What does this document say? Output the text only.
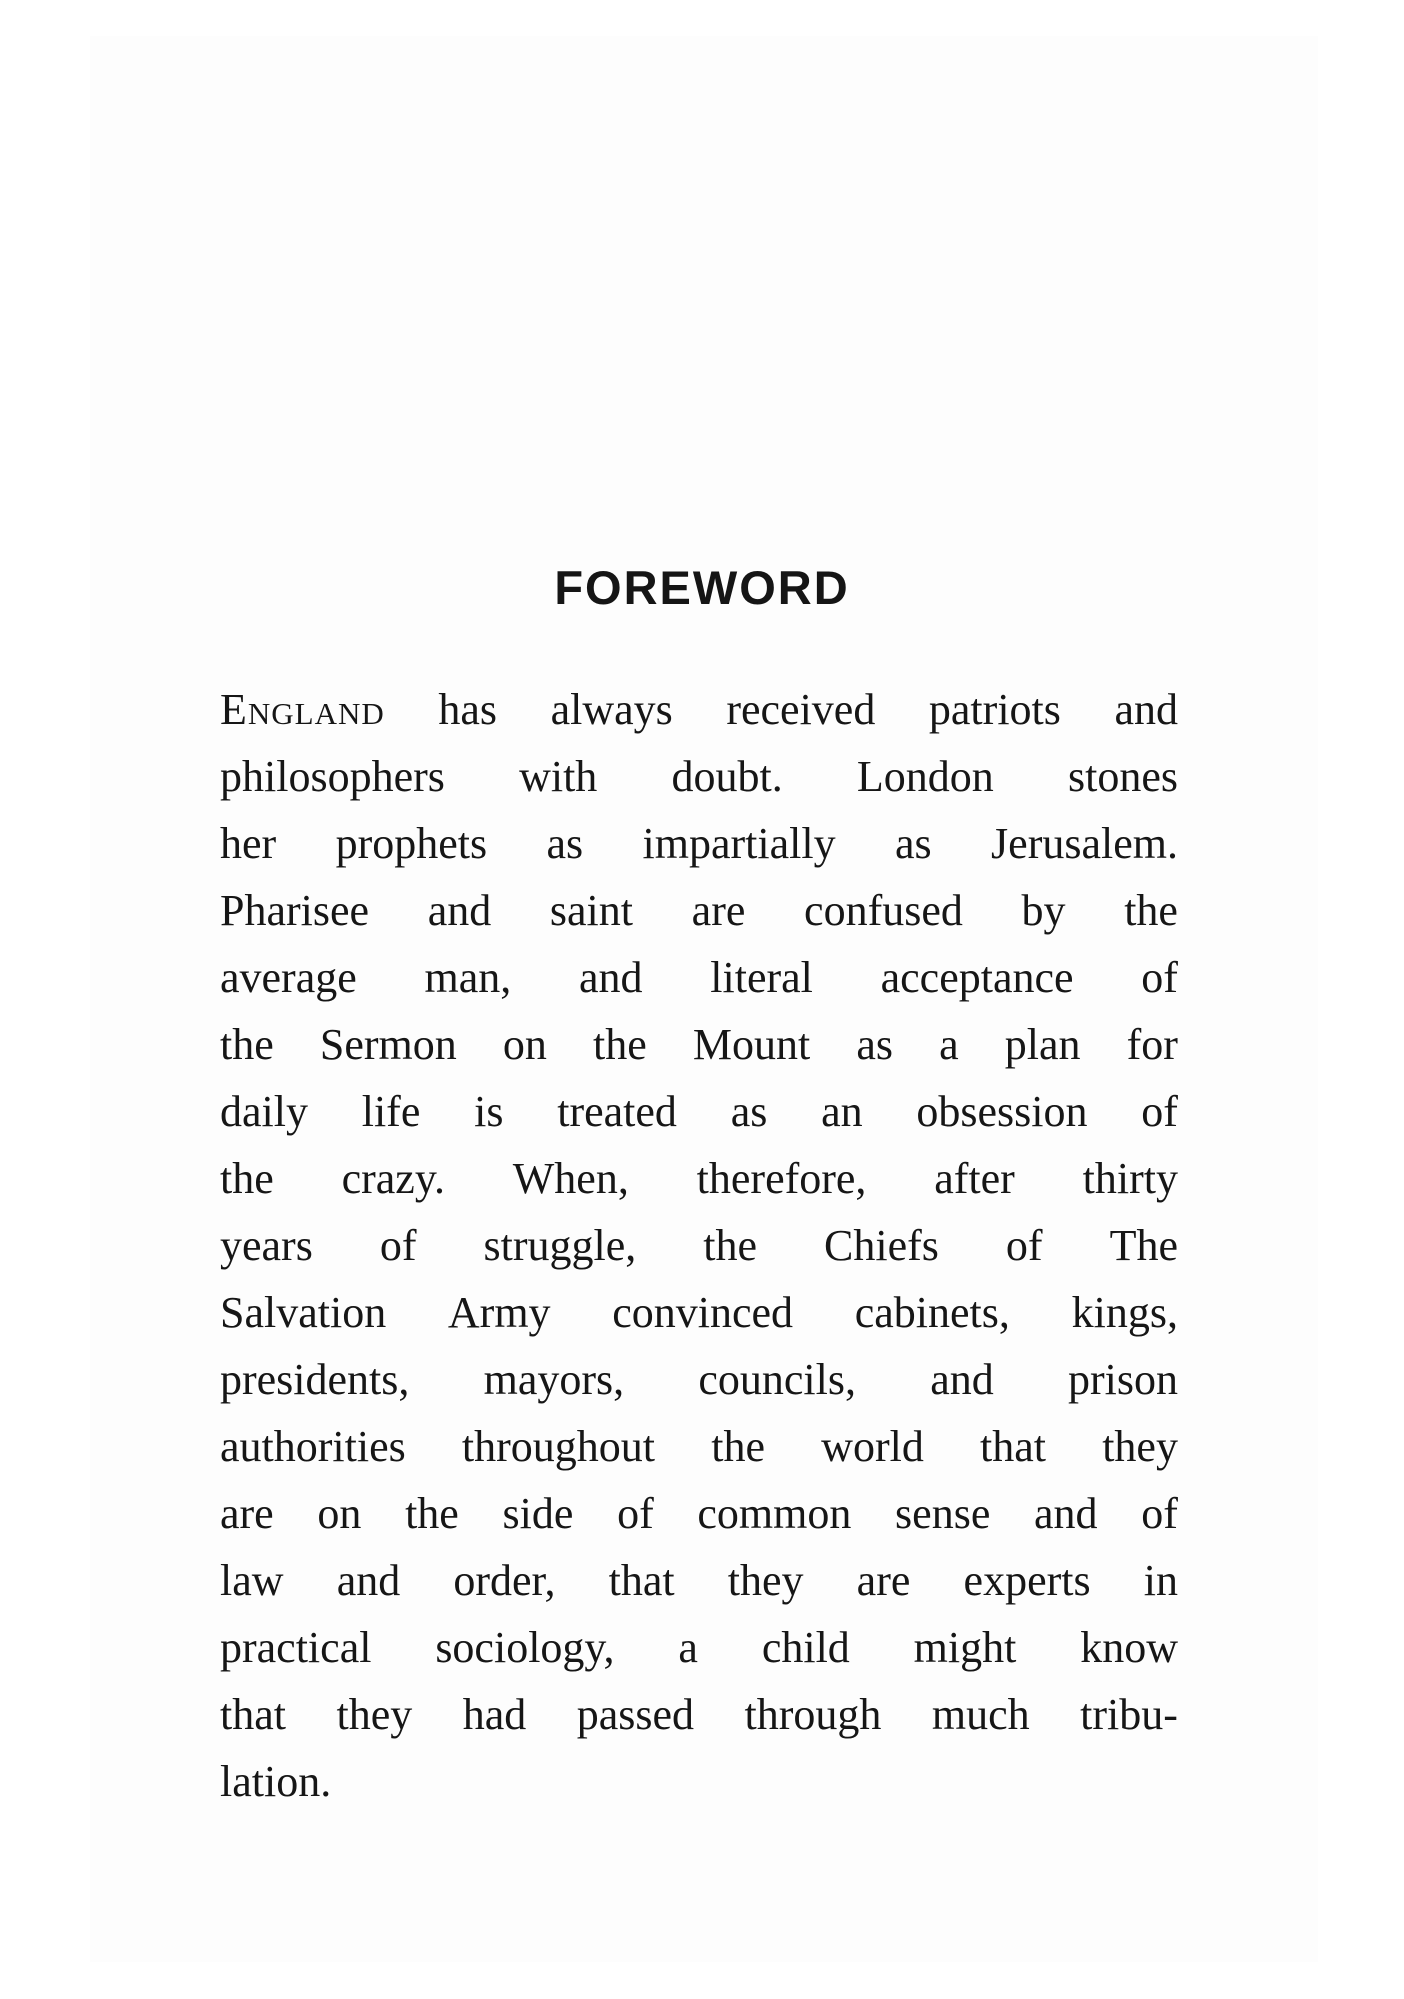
FOREWORD
England has always received patriots and
philosophers with doubt. London stones
her prophets as impartially as Jerusalem.
Pharisee and saint are confused by the
average man, and literal acceptance of
the Sermon on the Mount as a plan for
daily life is treated as an obsession of
the crazy. When, therefore, after thirty
years of struggle, the Chiefs of The
Salvation Army convinced cabinets, kings,
presidents, mayors, councils, and prison
authorities throughout the world that they
are on the side of common sense and of
law and order, that they are experts in
practical sociology, a child might know
that they had passed through much tribu-
lation.
